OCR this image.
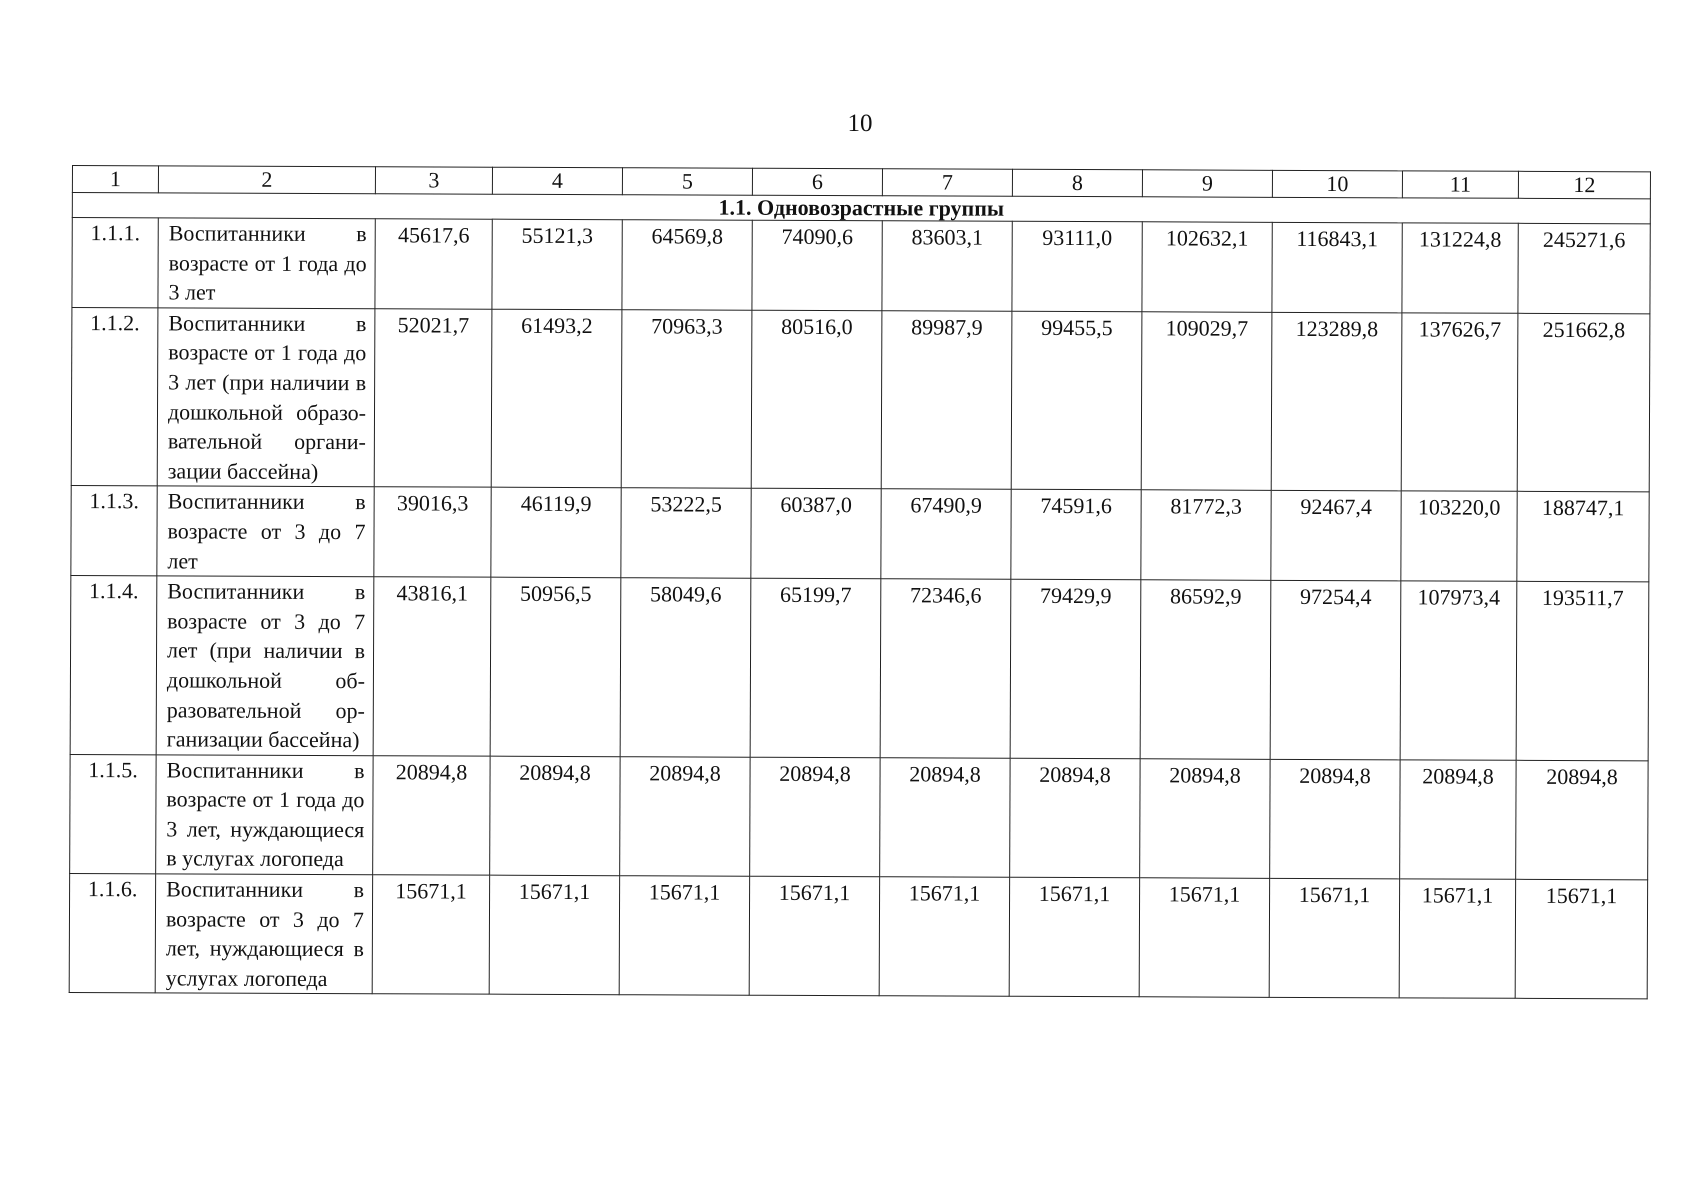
10
1	2	3	4	5	6	7	8	9	10	11	12
1.1. Одновозрастные группы											
1.1.1.	Воспитанники в возрасте от 1 года до 3 лет	45617,6	55121,3	64569,8	74090,6	83603,1	93111,0	102632,1	116843,1	131224,8	245271,6
1.1.2.	Воспитанники в возрасте от 1 года до 3 лет (при наличии в дошкольной образовательной организации бассейна)	52021,7	61493,2	70963,3	80516,0	89987,9	99455,5	109029,7	123289,8	137626,7	251662,8
1.1.3.	Воспитанники в возрасте от 3 до 7 лет	39016,3	46119,9	53222,5	60387,0	67490,9	74591,6	81772,3	92467,4	103220,0	188747,1
1.1.4.	Воспитанники в возрасте от 3 до 7 лет (при наличии в дошкольной образовательной организации бассейна)	43816,1	50956,5	58049,6	65199,7	72346,6	79429,9	86592,9	97254,4	107973,4	193511,7
1.1.5.	Воспитанники в возрасте от 1 года до 3 лет, нуждающиеся в услугах логопеда	20894,8	20894,8	20894,8	20894,8	20894,8	20894,8	20894,8	20894,8	20894,8	20894,8
1.1.6.	Воспитанники в возрасте от 3 до 7 лет, нуждающиеся в услугах логопеда	15671,1	15671,1	15671,1	15671,1	15671,1	15671,1	15671,1	15671,1	15671,1	15671,1
